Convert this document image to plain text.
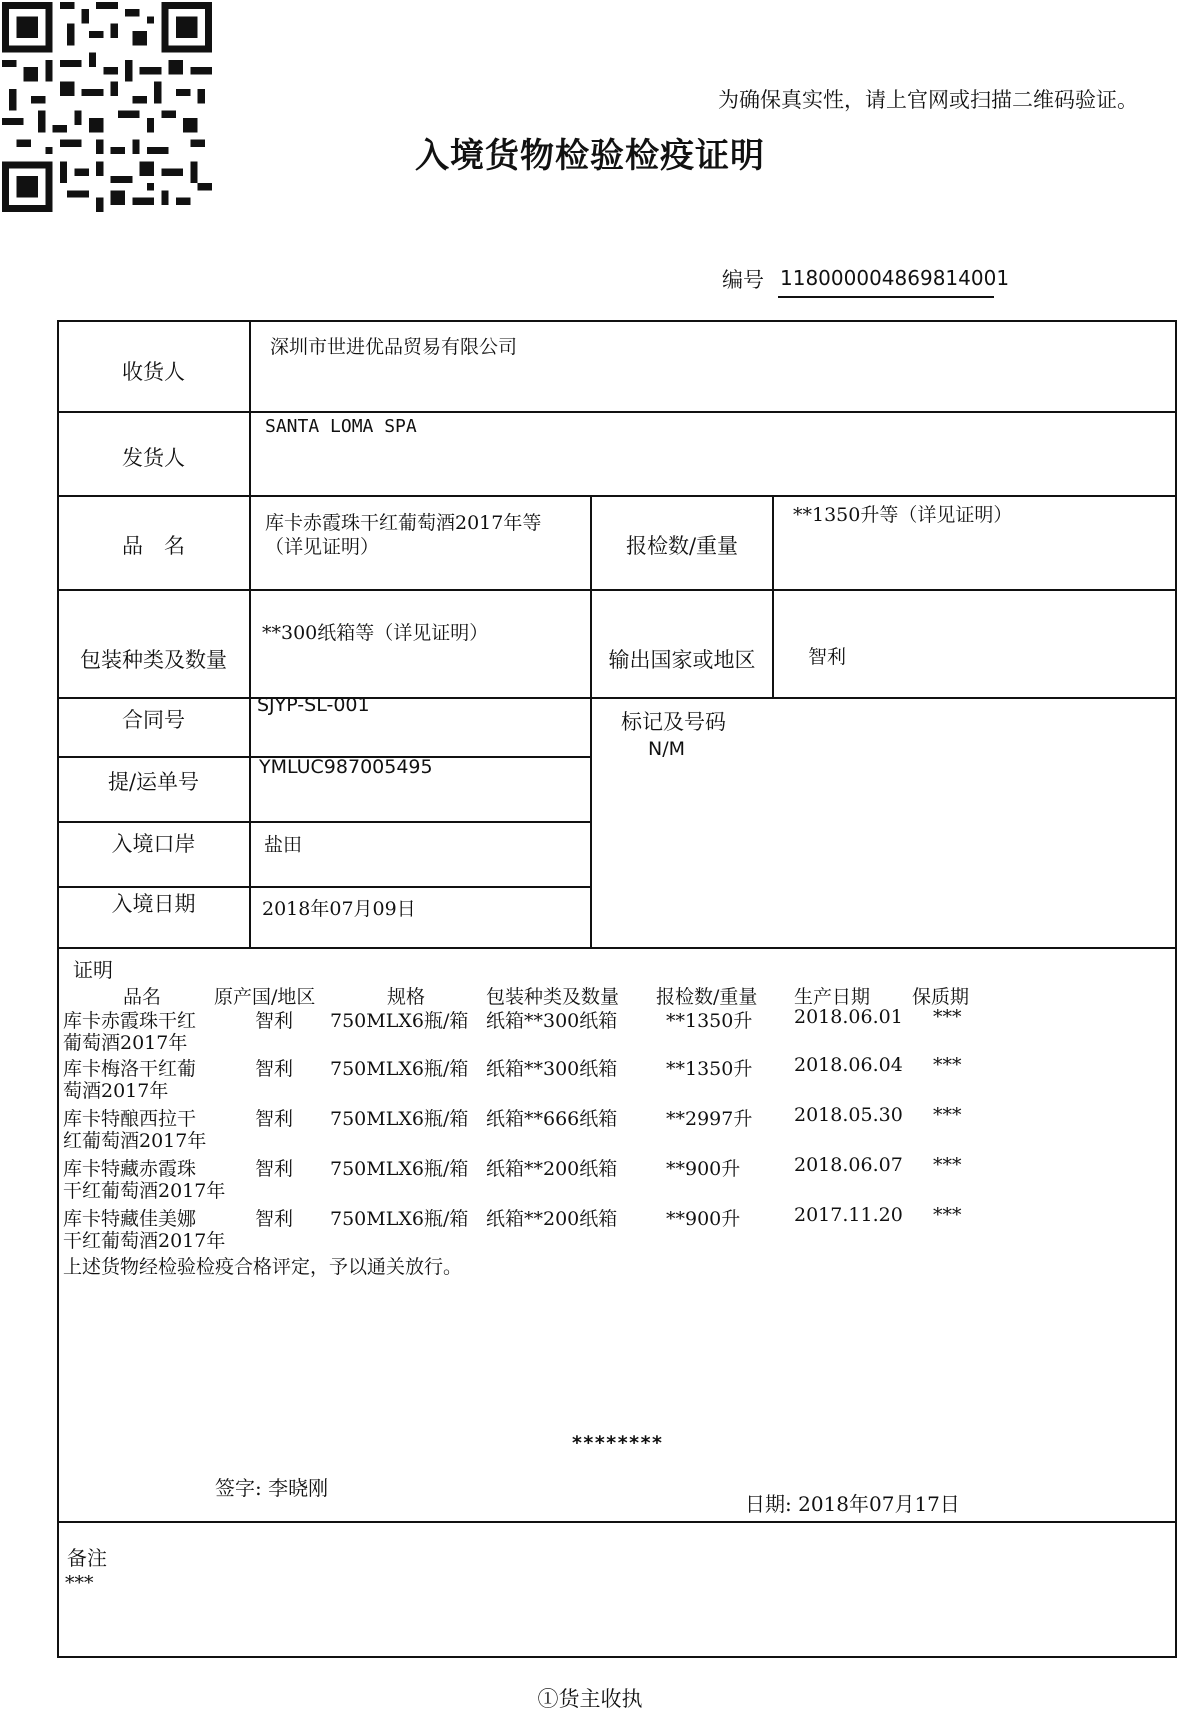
为确保真实性，请上官网或扫描二维码验证。
入境货物检验检疫证明
编号 118000004869814001
收货人
深圳市世进优品贸易有限公司
发货人
SANTA LOMA SPA
品　名
库卡赤霞珠干红葡萄酒2017年等
（详见证明）	报检数/重量
**1350升等（详见证明）
包装种类及数量
**300纸箱等（详见证明）
输出国家或地区	智利
合同号
SJYP-SL-001
标记及号码
N/M
提/运单号
YMLUC987005495
入境口岸	盐田
入境日期	2018年07月09日
证明
品名	原产国/地区	规格	包装种类及数量 报检数/重量 生产日期 保质期
库卡赤霞珠干红
葡萄酒2017年
智利 750MLX6瓶/箱 纸箱**300纸箱	**1350升 2018.06.01 ***
库卡梅洛干红葡
萄酒2017年
智利 750MLX6瓶/箱 纸箱**300纸箱	**1350升 2018.06.04 ***
库卡特酿西拉干
红葡萄酒2017年
智利 750MLX6瓶/箱 纸箱**666纸箱	**2997升 2018.05.30 ***
库卡特藏赤霞珠
干红葡萄酒2017年
智利 750MLX6瓶/箱 纸箱**200纸箱	**900升	2018.06.07 ***
库卡特藏佳美娜
干红葡萄酒2017年
智利 750MLX6瓶/箱 纸箱**200纸箱	**900升	2017.11.20 ***
上述货物经检验检疫合格评定，予以通关放行。
********
签字: 李晓刚
日期: 2018年07月17日
备注
***
①货主收执
